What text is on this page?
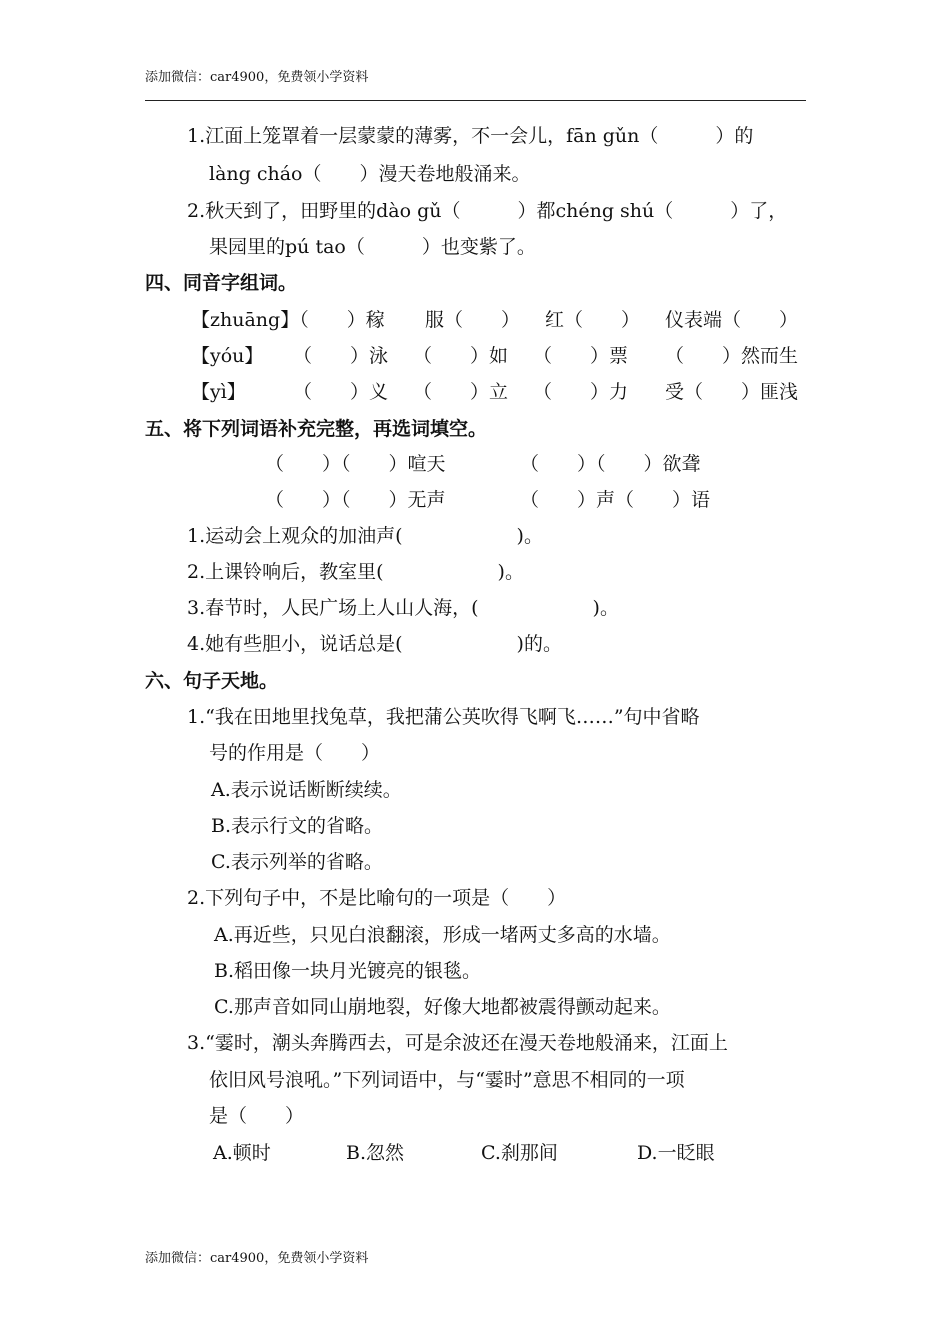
添加微信：car4900，免费领小学资料
1.江面上笼罩着一层蒙蒙的薄雾，不一会儿，fān gǔn（　　　）的
làng cháo（　　）漫天卷地般涌来。
2.秋天到了，田野里的dào gǔ（　　　）都chéng shú（　　　）了，
果园里的pú tao（　　　）也变紫了。
四、同音字组词。
【zhuāng】（　　）稼 服（　　） 红（　　） 仪表端（　　）
【yóu】 （　　）泳 （　　）如 （　　）票 （　　）然而生
【yì】 （　　）义 （　　）立 （　　）力 受（　　）匪浅
五、将下列词语补充完整，再选词填空。
（　　）（　　）喧天	（　　）（　　）欲聋
（　　）（　　）无声	（　　）声（　　）语
1.运动会上观众的加油声(　　　　　　)。
2.上课铃响后，教室里(　　　　　　)。
3.春节时，人民广场上人山人海，(　　　　　　)。
4.她有些胆小，说话总是(　　　　　　)的。
六、句子天地。
1.“我在田地里找兔草，我把蒲公英吹得飞啊飞……”句中省略
号的作用是（　　）
A.表示说话断断续续。
B.表示行文的省略。
C.表示列举的省略。
2.下列句子中，不是比喻句的一项是（　　）
A.再近些，只见白浪翻滚，形成一堵两丈多高的水墙。
B.稻田像一块月光镀亮的银毯。
C.那声音如同山崩地裂，好像大地都被震得颤动起来。
3.“霎时，潮头奔腾西去，可是余波还在漫天卷地般涌来，江面上
依旧风号浪吼。”下列词语中，与“霎时”意思不相同的一项
是（　　）
A.顿时	B.忽然	C.刹那间	D.一眨眼
添加微信：car4900，免费领小学资料
